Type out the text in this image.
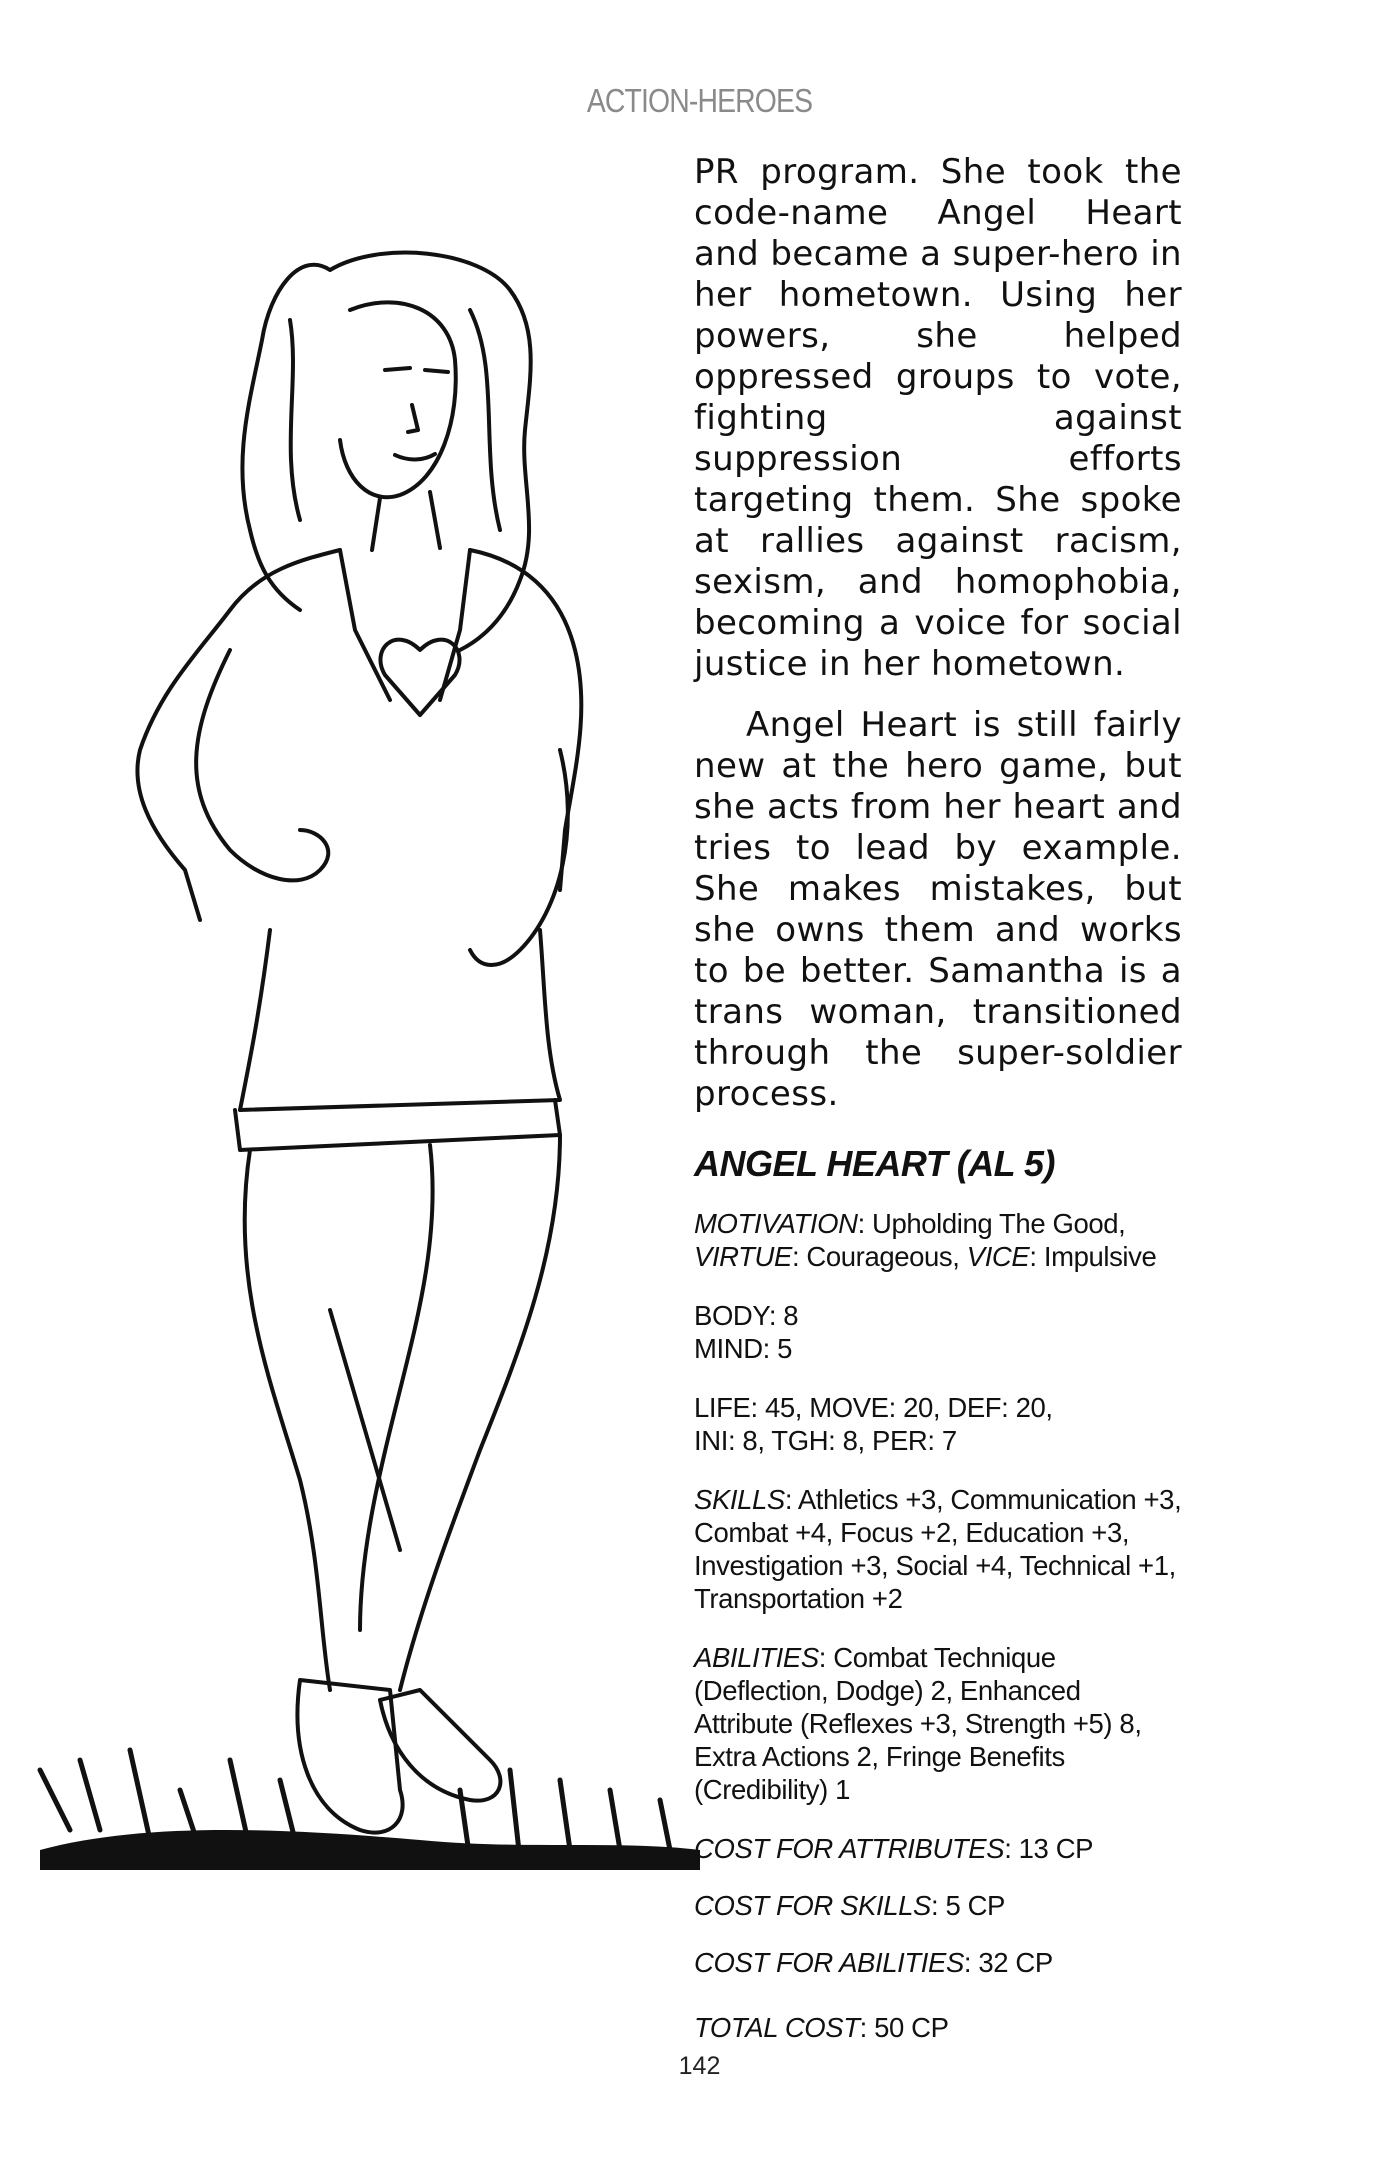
ACTION-HEROES

PR program. She took the code-name Angel Heart and became a super-hero in her hometown. Using her powers, she helped oppressed groups to vote, fighting against suppression efforts targeting them. She spoke at rallies against racism, sexism, and homophobia, becoming a voice for social justice in her hometown.

Angel Heart is still fairly new at the hero game, but she acts from her heart and tries to lead by example. She makes mistakes, but she owns them and works to be better. Samantha is a trans woman, transitioned through the super-soldier process.

ANGEL HEART (AL 5)

MOTIVATION: Upholding The Good,
VIRTUE: Courageous, VICE: Impulsive

BODY: 8
MIND: 5

LIFE: 45, MOVE: 20, DEF: 20,
INI: 8, TGH: 8, PER: 7

SKILLS: Athletics +3, Communication +3, Combat +4, Focus +2, Education +3, Investigation +3, Social +4, Technical +1, Transportation +2

ABILITIES: Combat Technique (Deflection, Dodge) 2, Enhanced Attribute (Reflexes +3, Strength +5) 8, Extra Actions 2, Fringe Benefits (Credibility) 1

COST FOR ATTRIBUTES: 13 CP

COST FOR SKILLS: 5 CP

COST FOR ABILITIES: 32 CP

TOTAL COST: 50 CP

142
